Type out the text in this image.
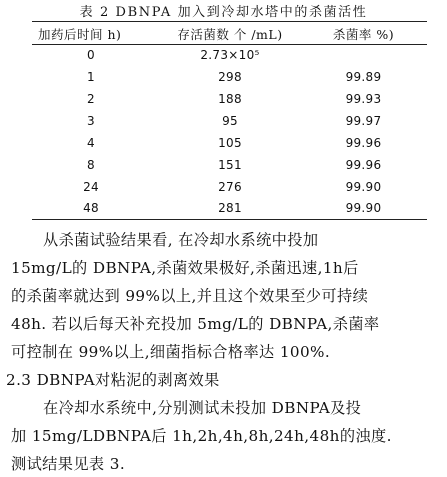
表 2 DBNPA 加入到冷却水塔中的杀菌活性
加药后时间 h)	存活菌数 个 /mL)	杀菌率 %)
0	2.73×10⁵
1	298	99.89
2	188	99.93
3	95	99.97
4	105	99.96
8	151	99.96
24	276	99.90
48	281	99.90
从杀菌试验结果看, 在冷却水系统中投加
15mg/L的 DBNPA,杀菌效果极好,杀菌迅速,1h后
的杀菌率就达到 99%以上,并且这个效果至少可持续
48h. 若以后每天补充投加 5mg/L的 DBNPA,杀菌率
可控制在 99%以上,细菌指标合格率达 100%.
2.3 DBNPA对粘泥的剥离效果
在冷却水系统中,分别测试未投加 DBNPA及投
加 15mg/LDBNPA后 1h,2h,4h,8h,24h,48h的浊度.
测试结果见表 3.
